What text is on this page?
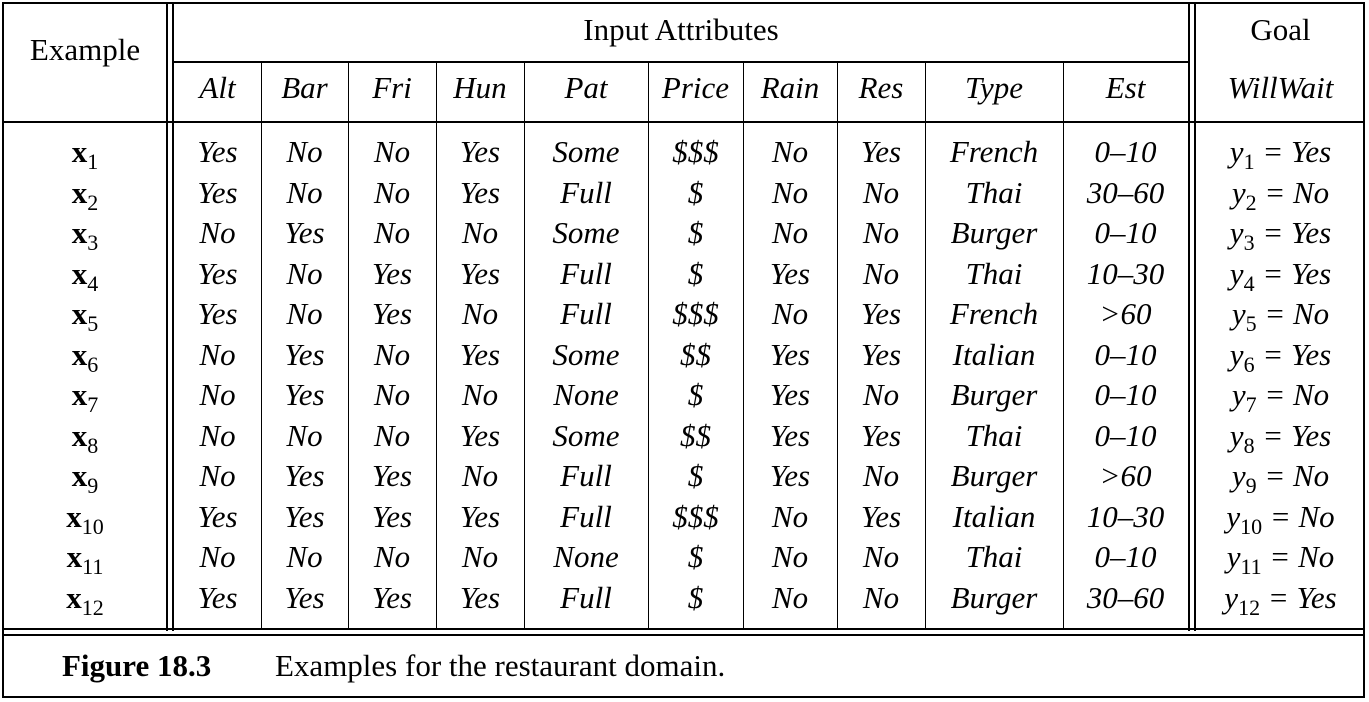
Example
Input Attributes	Goal
Alt	Bar	Fri	Hun	Pat	Price	Rain	Res	Type	Est	WillWait
$x_1$	Yes	No	No	Yes	Some	$$$	No	Yes	French	0–10	$y_1$ = Yes
$x_2$	Yes	No	No	Yes	Full	$	No	No	Thai	30–60	$y_2 = No$
$x_3$	No	Yes	No	No	Some	$	No	No	Burger	0–10	$y_3$ = Yes
$x_4$	Yes	No	Yes	Yes	Full	$	Yes	No	Thai	10–30	$y_4$ = Yes
$x_5$	Yes	No	Yes	No	Full	$$$	No	Yes	French	>60	$y_5 = No$
$x_6$	No	Yes	No	Yes	Some	$$	Yes	Yes	Italian	0–10	$y_6$ = Yes
$x_7$	No	Yes	No	No	None	$	Yes	No	Burger	0–10	$y_7 = No$
$x_8$	No	No	No	Yes	Some	$$	Yes	Yes	Thai	0–10	$y_8$ = Yes
$x_9$	No	Yes	Yes	No	Full	$	Yes	No	Burger	>60	$y_9 = No$
$x_{10}$	Yes	Yes	Yes	Yes	Full	$$$	No	Yes	Italian	10–30	$y_{10} = No$
$x_{11}$	No	No	No	No	None	$	No	No	Thai	0–10	$y_{11} = No$
$x_{12}$	Yes	Yes	Yes	Yes	Full	$	No	No	Burger	30–60	$y_{12}$ = Yes
Figure 18.3 Examples for the restaurant domain.
